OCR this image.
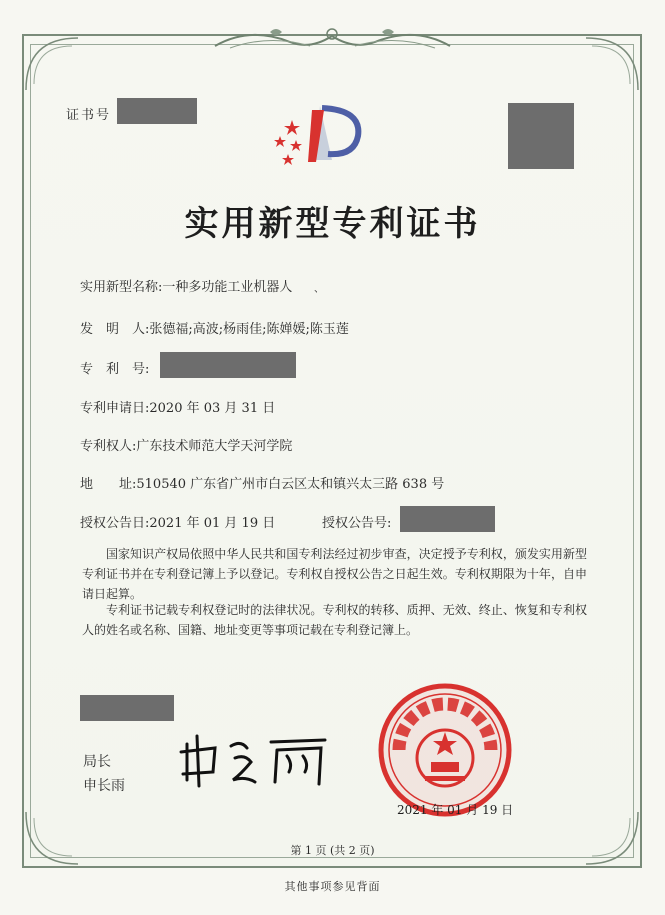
证书号
实用新型专利证书
实用新型名称:一种多功能工业机器人 、
发　明　人:张德福;高波;杨雨佳;陈婵媛;陈玉莲
专　利　号:
专利申请日:2020 年 03 月 31 日
专利权人:广东技术师范大学天河学院
地　　址:510540 广东省广州市白云区太和镇兴太三路 638 号
授权公告日:2021 年 01 月 19 日	授权公告号:
国家知识产权局依照中华人民共和国专利法经过初步审查，决定授予专利权，颁发实用新型专利证书并在专利登记簿上予以登记。专利权自授权公告之日起生效。专利权期限为十年，自申请日起算。
专利证书记载专利权登记时的法律状况。专利权的转移、质押、无效、终止、恢复和专利权人的姓名或名称、国籍、地址变更等事项记载在专利登记簿上。
局长
申长雨
2021 年 01 月 19 日
第 1 页 (共 2 页)
其他事项参见背面
